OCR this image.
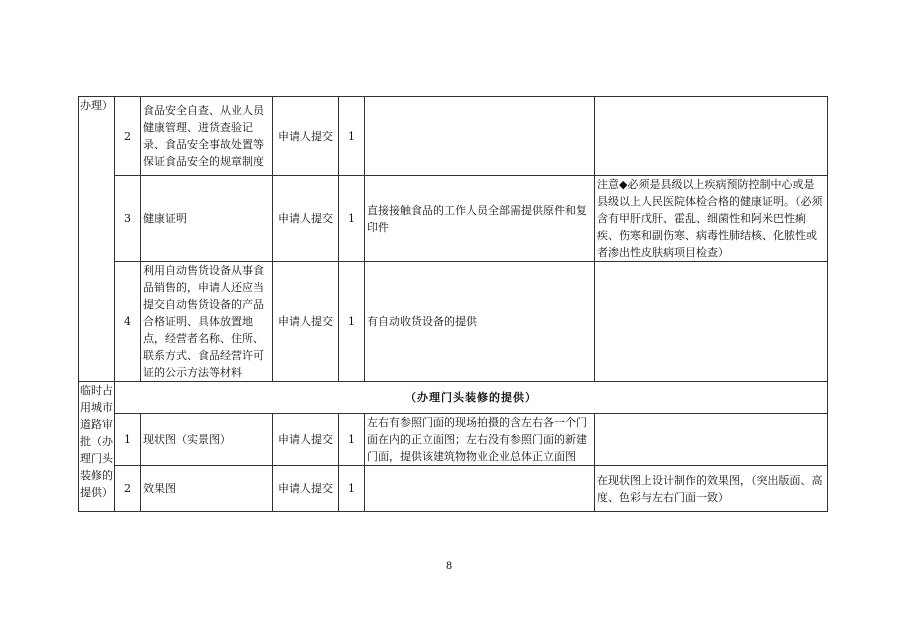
办理）	2	食品安全自查、从业人员健康管理、进货查验记录、食品安全事故处置等保证食品安全的规章制度	申请人提交	1		
	3	健康证明	申请人提交	1	直接接触食品的工作人员全部需提供原件和复印件	注意◆必须是县级以上疾病预防控制中心或是县级以上人民医院体检合格的健康证明。（必须含有甲肝戊肝、霍乱、细菌性和阿米巴性痢疾、伤寒和副伤寒、病毒性肺结核、化脓性或者渗出性皮肤病项目检查）
	4	利用自动售货设备从事食品销售的，申请人还应当提交自动售货设备的产品合格证明、具体放置地点，经营者名称、住所、联系方式、食品经营许可证的公示方法等材料	申请人提交	1	有自动收货设备的提供	
临时占用城市道路审批（办理门头装修的提供）	（办理门头装修的提供）					
	1	现状图（实景图）	申请人提交	1	左右有参照门面的现场拍摄的含左右各一个门面在内的正立面图；左右没有参照门面的新建门面，提供该建筑物物业企业总体正立面图	
	2	效果图	申请人提交	1		在现状图上设计制作的效果图，（突出版面、高度、色彩与左右门面一致）
8
